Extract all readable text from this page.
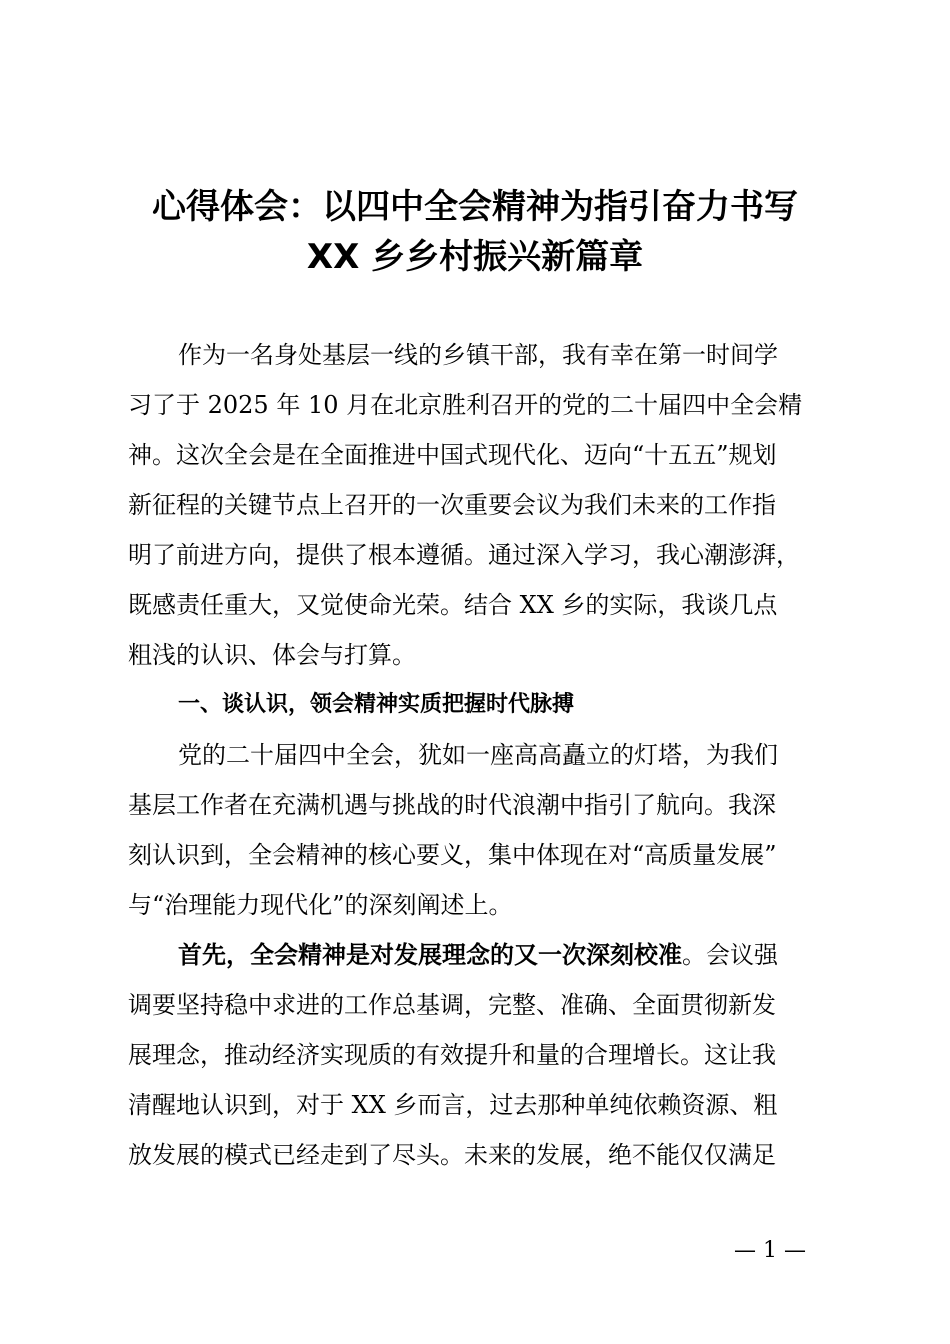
心得体会：以四中全会精神为指引奋力书写
XX 乡乡村振兴新篇章

作为一名身处基层一线的乡镇干部，我有幸在第一时间学

习了于 2025 年 10 月在北京胜利召开的党的二十届四中全会精

神。这次全会是在全面推进中国式现代化、迈向“十五五”规划

新征程的关键节点上召开的一次重要会议为我们未来的工作指

明了前进方向，提供了根本遵循。通过深入学习，我心潮澎湃，

既感责任重大，又觉使命光荣。结合 XX 乡的实际，我谈几点

粗浅的认识、体会与打算。

一、谈认识，领会精神实质把握时代脉搏

党的二十届四中全会，犹如一座高高矗立的灯塔，为我们

基层工作者在充满机遇与挑战的时代浪潮中指引了航向。我深

刻认识到，全会精神的核心要义，集中体现在对“高质量发展”

与“治理能力现代化”的深刻阐述上。

首先，全会精神是对发展理念的又一次深刻校准。会议强

调要坚持稳中求进的工作总基调，完整、准确、全面贯彻新发

展理念，推动经济实现质的有效提升和量的合理增长。这让我

清醒地认识到，对于 XX 乡而言，过去那种单纯依赖资源、粗

放发展的模式已经走到了尽头。未来的发展，绝不能仅仅满足

— 1 —
